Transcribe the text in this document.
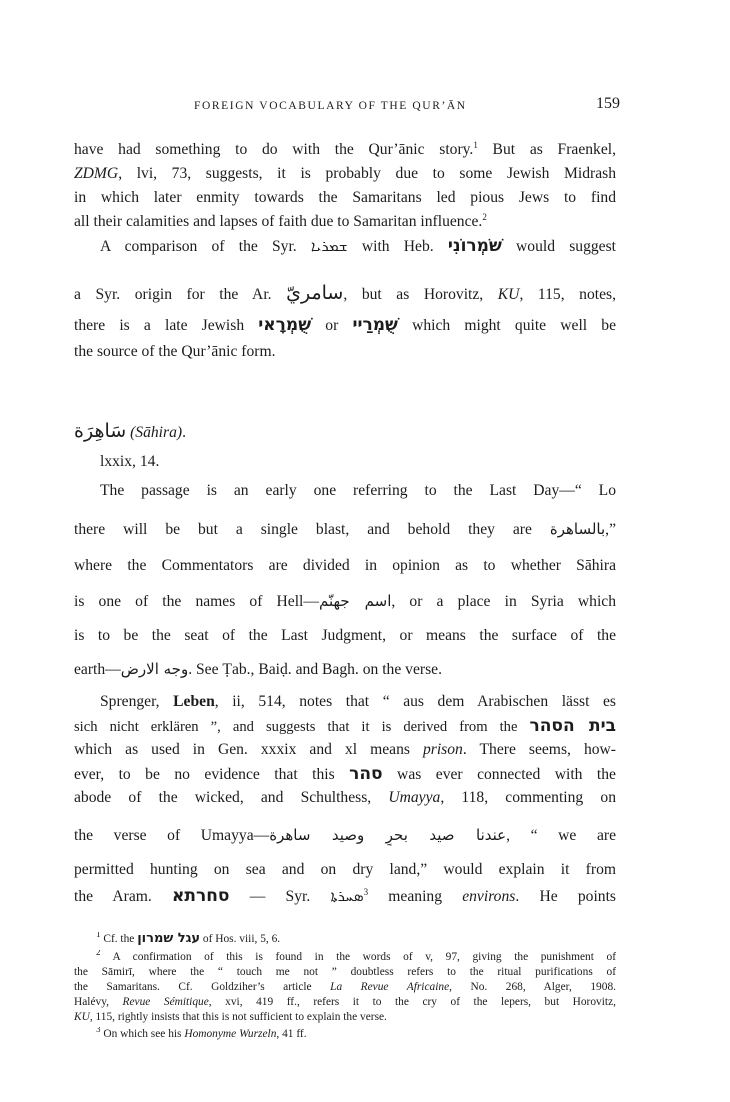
FOREIGN VOCABULARY OF THE QUR’ĀN	159
have had something to do with the Qur’ānic story.$^1$ But as Fraenkel,
ZDMG, lvi, 73, suggests, it is probably due to some Jewish Midrash
in which later enmity towards the Samaritans led pious Jews to find
all their calamities and lapses of faith due to Samaritan influence.$^2$
A comparison of the Syr. ܫܡܪܝܐ with Heb. שֹׁמְרוֹנִי would suggest
a Syr. origin for the Ar. سامريّ, but as Horovitz, KU, 115, notes,
there is a late Jewish שֻׁמְרָאי or שֻׁמְרַיי which might quite well be
the source of the Qur’ānic form.
سَاهِرَة (Sāhira).
lxxix, 14.
The passage is an early one referring to the Last Day—“ Lo
there will be but a single blast, and behold they are بالساهرة,”
where the Commentators are divided in opinion as to whether Sāhira
is one of the names of Hell—اسم جهنّم, or a place in Syria which
is to be the seat of the Last Judgment, or means the surface of the
earth—وجه الارض. See Ṭab., Baiḍ. and Bagh. on the verse.
Sprenger, Leben, ii, 514, notes that “ aus dem Arabischen lässt es
sich nicht erklären ”, and suggests that it is derived from the בית הסהר
which as used in Gen. xxxix and xl means prison. There seems, how-
ever, to be no evidence that this סהר was ever connected with the
abode of the wicked, and Schulthess, Umayya, 118, commenting on
the verse of Umayya—عندنا صيد بحرٍ وصيد ساهرة, “ we are
permitted hunting on sea and on dry land,” would explain it from
the Aram. סחרתא — Syr. ܣܚܪܬܐ$^3$ meaning environs. He points
$^1$ Cf. the עגל שמרון of Hos. viii, 5, 6.
$^2$ A confirmation of this is found in the words of v, 97, giving the punishment of
the Sāmirī, where the “ touch me not ” doubtless refers to the ritual purifications of
the Samaritans. Cf. Goldziher’s article La Revue Africaine, No. 268, Alger, 1908.
Halévy, Revue Sémitique, xvi, 419 ff., refers it to the cry of the lepers, but Horovitz,
KU, 115, rightly insists that this is not sufficient to explain the verse.
$^3$ On which see his Homonyme Wurzeln, 41 ff.
